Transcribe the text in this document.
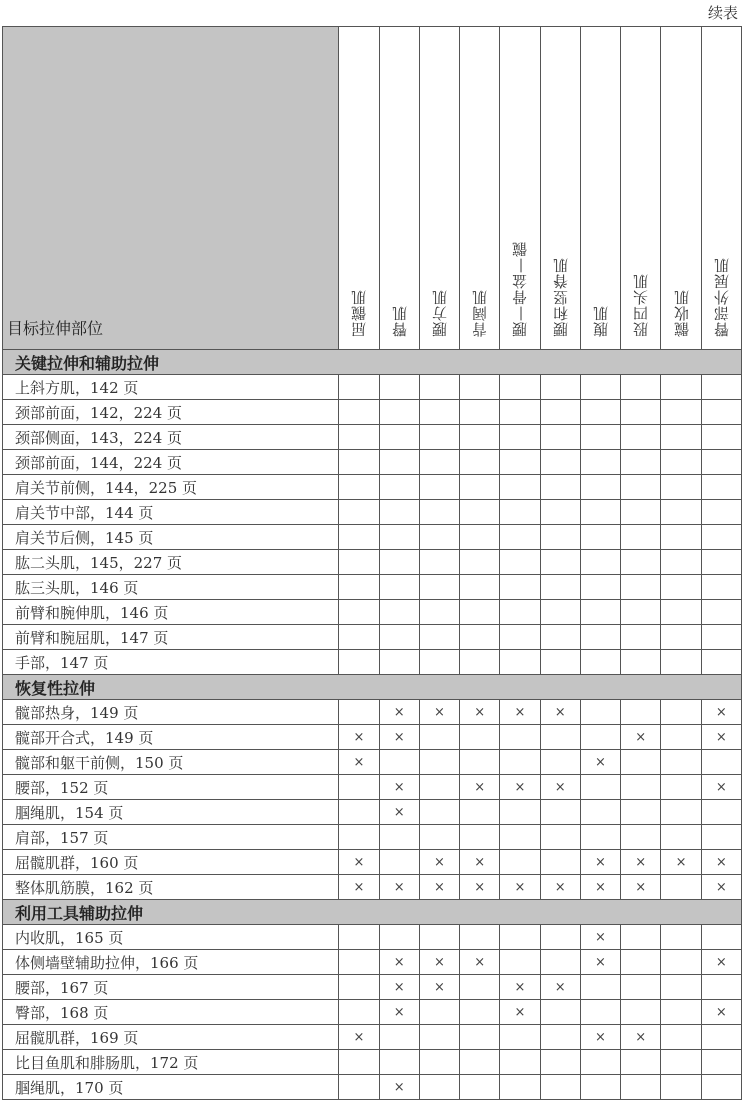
续表
目标拉伸部位	屈髋肌	臀肌	腰方肌	背阔肌	腰—骨盆—髋	腰和竖脊肌	腹肌	股四头肌	髋收肌	臀部外展肌
关键拉伸和辅助拉伸										
上斜方肌，142 页										
颈部前面，142，224 页										
颈部侧面，143，224 页										
颈部前面，144，224 页										
肩关节前侧，144，225 页										
肩关节中部，144 页										
肩关节后侧，145 页										
肱二头肌，145，227 页										
肱三头肌，146 页										
前臂和腕伸肌，146 页										
前臂和腕屈肌，147 页										
手部，147 页										
恢复性拉伸										
髋部热身，149 页		×	×	×	×	×				×
髋部开合式，149 页	×	×						×		×
髋部和躯干前侧，150 页	×						×			
腰部，152 页		×		×	×	×				×
腘绳肌，154 页		×								
肩部，157 页										
屈髋肌群，160 页	×		×	×			×	×	×	×
整体肌筋膜，162 页	×	×	×	×	×	×	×	×		×
利用工具辅助拉伸										
内收肌，165 页							×			
体侧墙壁辅助拉伸，166 页		×	×	×			×			×
腰部，167 页		×	×		×	×				
臀部，168 页		×			×					×
屈髋肌群，169 页	×						×	×		
比目鱼肌和腓肠肌，172 页										
腘绳肌，170 页		×								
